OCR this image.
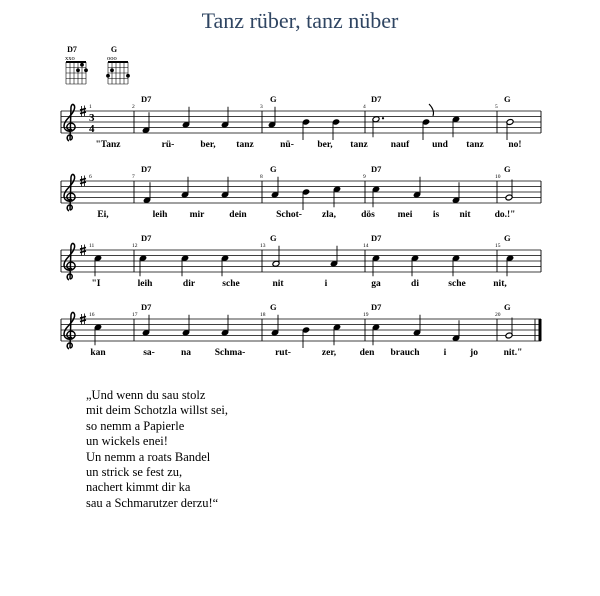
Tanz rüber, tanz nüber
D7
xxo
G
ooo
3
4
1	2	3	4	5
D7	G	D7	G
"Tanz	rü-	ber, tanz	nü- ber, tanz nauf und tanz	no!
6	7	8	9	10
D7	G	D7	G
Ei,	leih mir	dein	Schot- zla,	dös mei is nit	do.!"
11	12	13	14	15
D7	G	D7	G
"I	leih	dir	sche	nit	i	ga	di	sche	nit,
16	17	18	19	20
D7	G	D7	G
kan	sa-	na Schma-	rut-	zer, den brauch	i jo	nit."
„Und wenn du sau stolz
mit deim Schotzla willst sei,
so nemm a Papierle
un wickels enei!
Un nemm a roats Bandel
un strick se fest zu,
nachert kimmt dir ka
sau a Schmarutzer derzu!“
